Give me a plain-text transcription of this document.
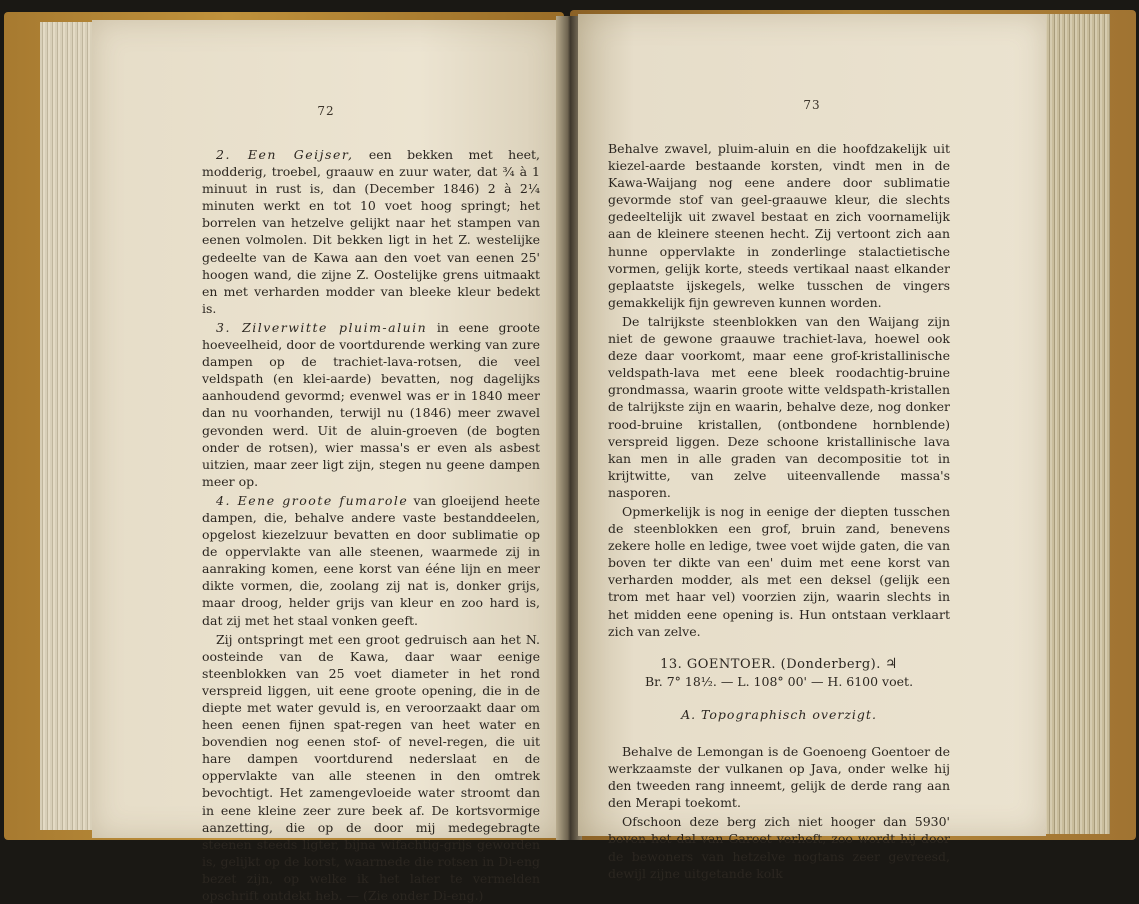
72

2. Een Geijser, een bekken met heet, modderig, troebel, graauw en zuur water, dat ¾ à 1 minuut in rust is, dan (December 1846) 2 à 2¼ minuten werkt en tot 10 voet hoog springt; het borrelen van hetzelve gelijkt naar het stampen van eenen volmolen. Dit bekken ligt in het Z. westelijke gedeelte van de Kawa aan den voet van eenen 25' hoogen wand, die zijne Z. Oostelijke grens uitmaakt en met verharden modder van bleeke kleur bedekt is.

3. Zilverwitte pluim-aluin in eene groote hoeveelheid, door de voortdurende werking van zure dampen op de trachiet-lava-rotsen, die veel veldspath (en klei-aarde) bevatten, nog dagelijks aanhoudend gevormd; evenwel was er in 1840 meer dan nu voorhanden, terwijl nu (1846) meer zwavel gevonden werd. Uit de aluin-groeven (de bogten onder de rotsen), wier massa's er even als asbest uitzien, maar zeer ligt zijn, stegen nu geene dampen meer op.

4. Eene groote fumarole van gloeijend heete dampen, die, behalve andere vaste bestanddeelen, opgelost kiezelzuur bevatten en door sublimatie op de oppervlakte van alle steenen, waarmede zij in aanraking komen, eene korst van ééne lijn en meer dikte vormen, die, zoolang zij nat is, donker grijs, maar droog, helder grijs van kleur en zoo hard is, dat zij met het staal vonken geeft.

Zij ontspringt met een groot gedruisch aan het N. oosteinde van de Kawa, daar waar eenige steenblokken van 25 voet diameter in het rond verspreid liggen, uit eene groote opening, die in de diepte met water gevuld is, en veroorzaakt daar om heen eenen fijnen spat-regen van heet water en bovendien nog eenen stof- of nevel-regen, die uit hare dampen voortdurend nederslaat en de oppervlakte van alle steenen in den omtrek bevochtigt. Het zamengevloeide water stroomt dan in eene kleine zeer zure beek af. De kortsvormige aanzetting, die op de door mij medegebragte steenen steeds ligter, bijna wifachtig-grijs geworden is, gelijkt op de korst, waarmede die rotsen in Di-eng bezet zijn, op welke ik het later te vermelden opschrift ontdekt heb. — (Zie onder Di-eng.)

73

Behalve zwavel, pluim-aluin en die hoofdzakelijk uit kiezel-aarde bestaande korsten, vindt men in de Kawa-Waijang nog eene andere door sublimatie gevormde stof van geel-graauwe kleur, die slechts gedeeltelijk uit zwavel bestaat en zich voornamelijk aan de kleinere steenen hecht. Zij vertoont zich aan hunne oppervlakte in zonderlinge stalactietische vormen, gelijk korte, steeds vertikaal naast elkander geplaatste ijskegels, welke tusschen de vingers gemakkelijk fijn gewreven kunnen worden.

De talrijkste steenblokken van den Waijang zijn niet de gewone graauwe trachiet-lava, hoewel ook deze daar voorkomt, maar eene grof-kristallinische veldspath-lava met eene bleek roodachtig-bruine grondmassa, waarin groote witte veldspath-kristallen de talrijkste zijn en waarin, behalve deze, nog donker rood-bruine kristallen, (ontbondene hornblende) verspreid liggen. Deze schoone kristallinische lava kan men in alle graden van decompositie tot in krijtwitte, van zelve uiteenvallende massa's nasporen.

Opmerkelijk is nog in eenige der diepten tusschen de steenblokken een grof, bruin zand, benevens zekere holle en ledige, twee voet wijde gaten, die van boven ter dikte van een' duim met eene korst van verharden modder, als met een deksel (gelijk een trom met haar vel) voorzien zijn, waarin slechts in het midden eene opening is. Hun ontstaan verklaart zich van zelve.

13. GOENTOER. (Donderberg). ♃
Br. 7° 18½. — L. 108° 00' — H. 6100 voet.
A. Topographisch overzigt.

Behalve de Lemongan is de Goenoeng Goentoer de werkzaamste der vulkanen op Java, onder welke hij den tweeden rang inneemt, gelijk de derde rang aan den Merapi toekomt.

Ofschoon deze berg zich niet hooger dan 5930' boven het dal van Garoet verheft, zoo wordt hij door de bewoners van hetzelve nogtans zeer gevreesd, dewijl zijne uitgetande kolk
